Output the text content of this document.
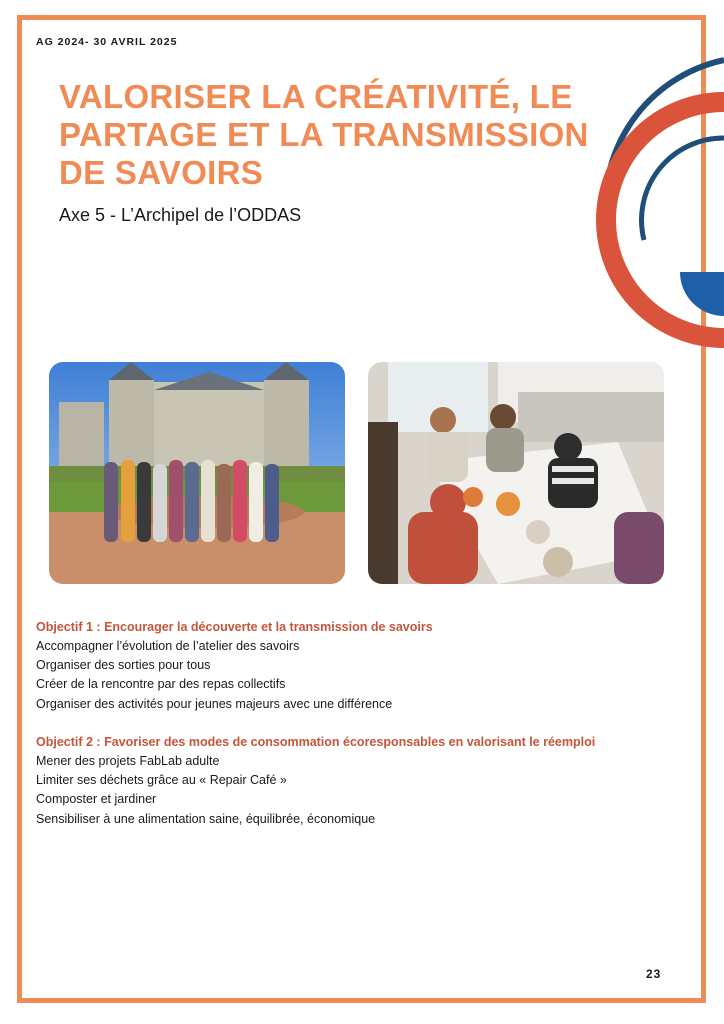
AG 2024- 30 AVRIL 2025
VALORISER LA CRÉATIVITÉ, LE
PARTAGE ET LA TRANSMISSION
DE SAVOIRS
Axe 5 - L’Archipel de l’ODDAS
Objectif 1 : Encourager la découverte et la transmission de savoirs
Accompagner l’évolution de l’atelier des savoirs
Organiser des sorties pour tous
Créer de la rencontre par des repas collectifs
Organiser des activités pour jeunes majeurs avec une différence
Objectif 2 : Favoriser des modes de consommation écoresponsables en valorisant le réemploi
Mener des projets FabLab adulte
Limiter ses déchets grâce au « Repair Café »
Composter et jardiner
Sensibiliser à une alimentation saine, équilibrée, économique
23
